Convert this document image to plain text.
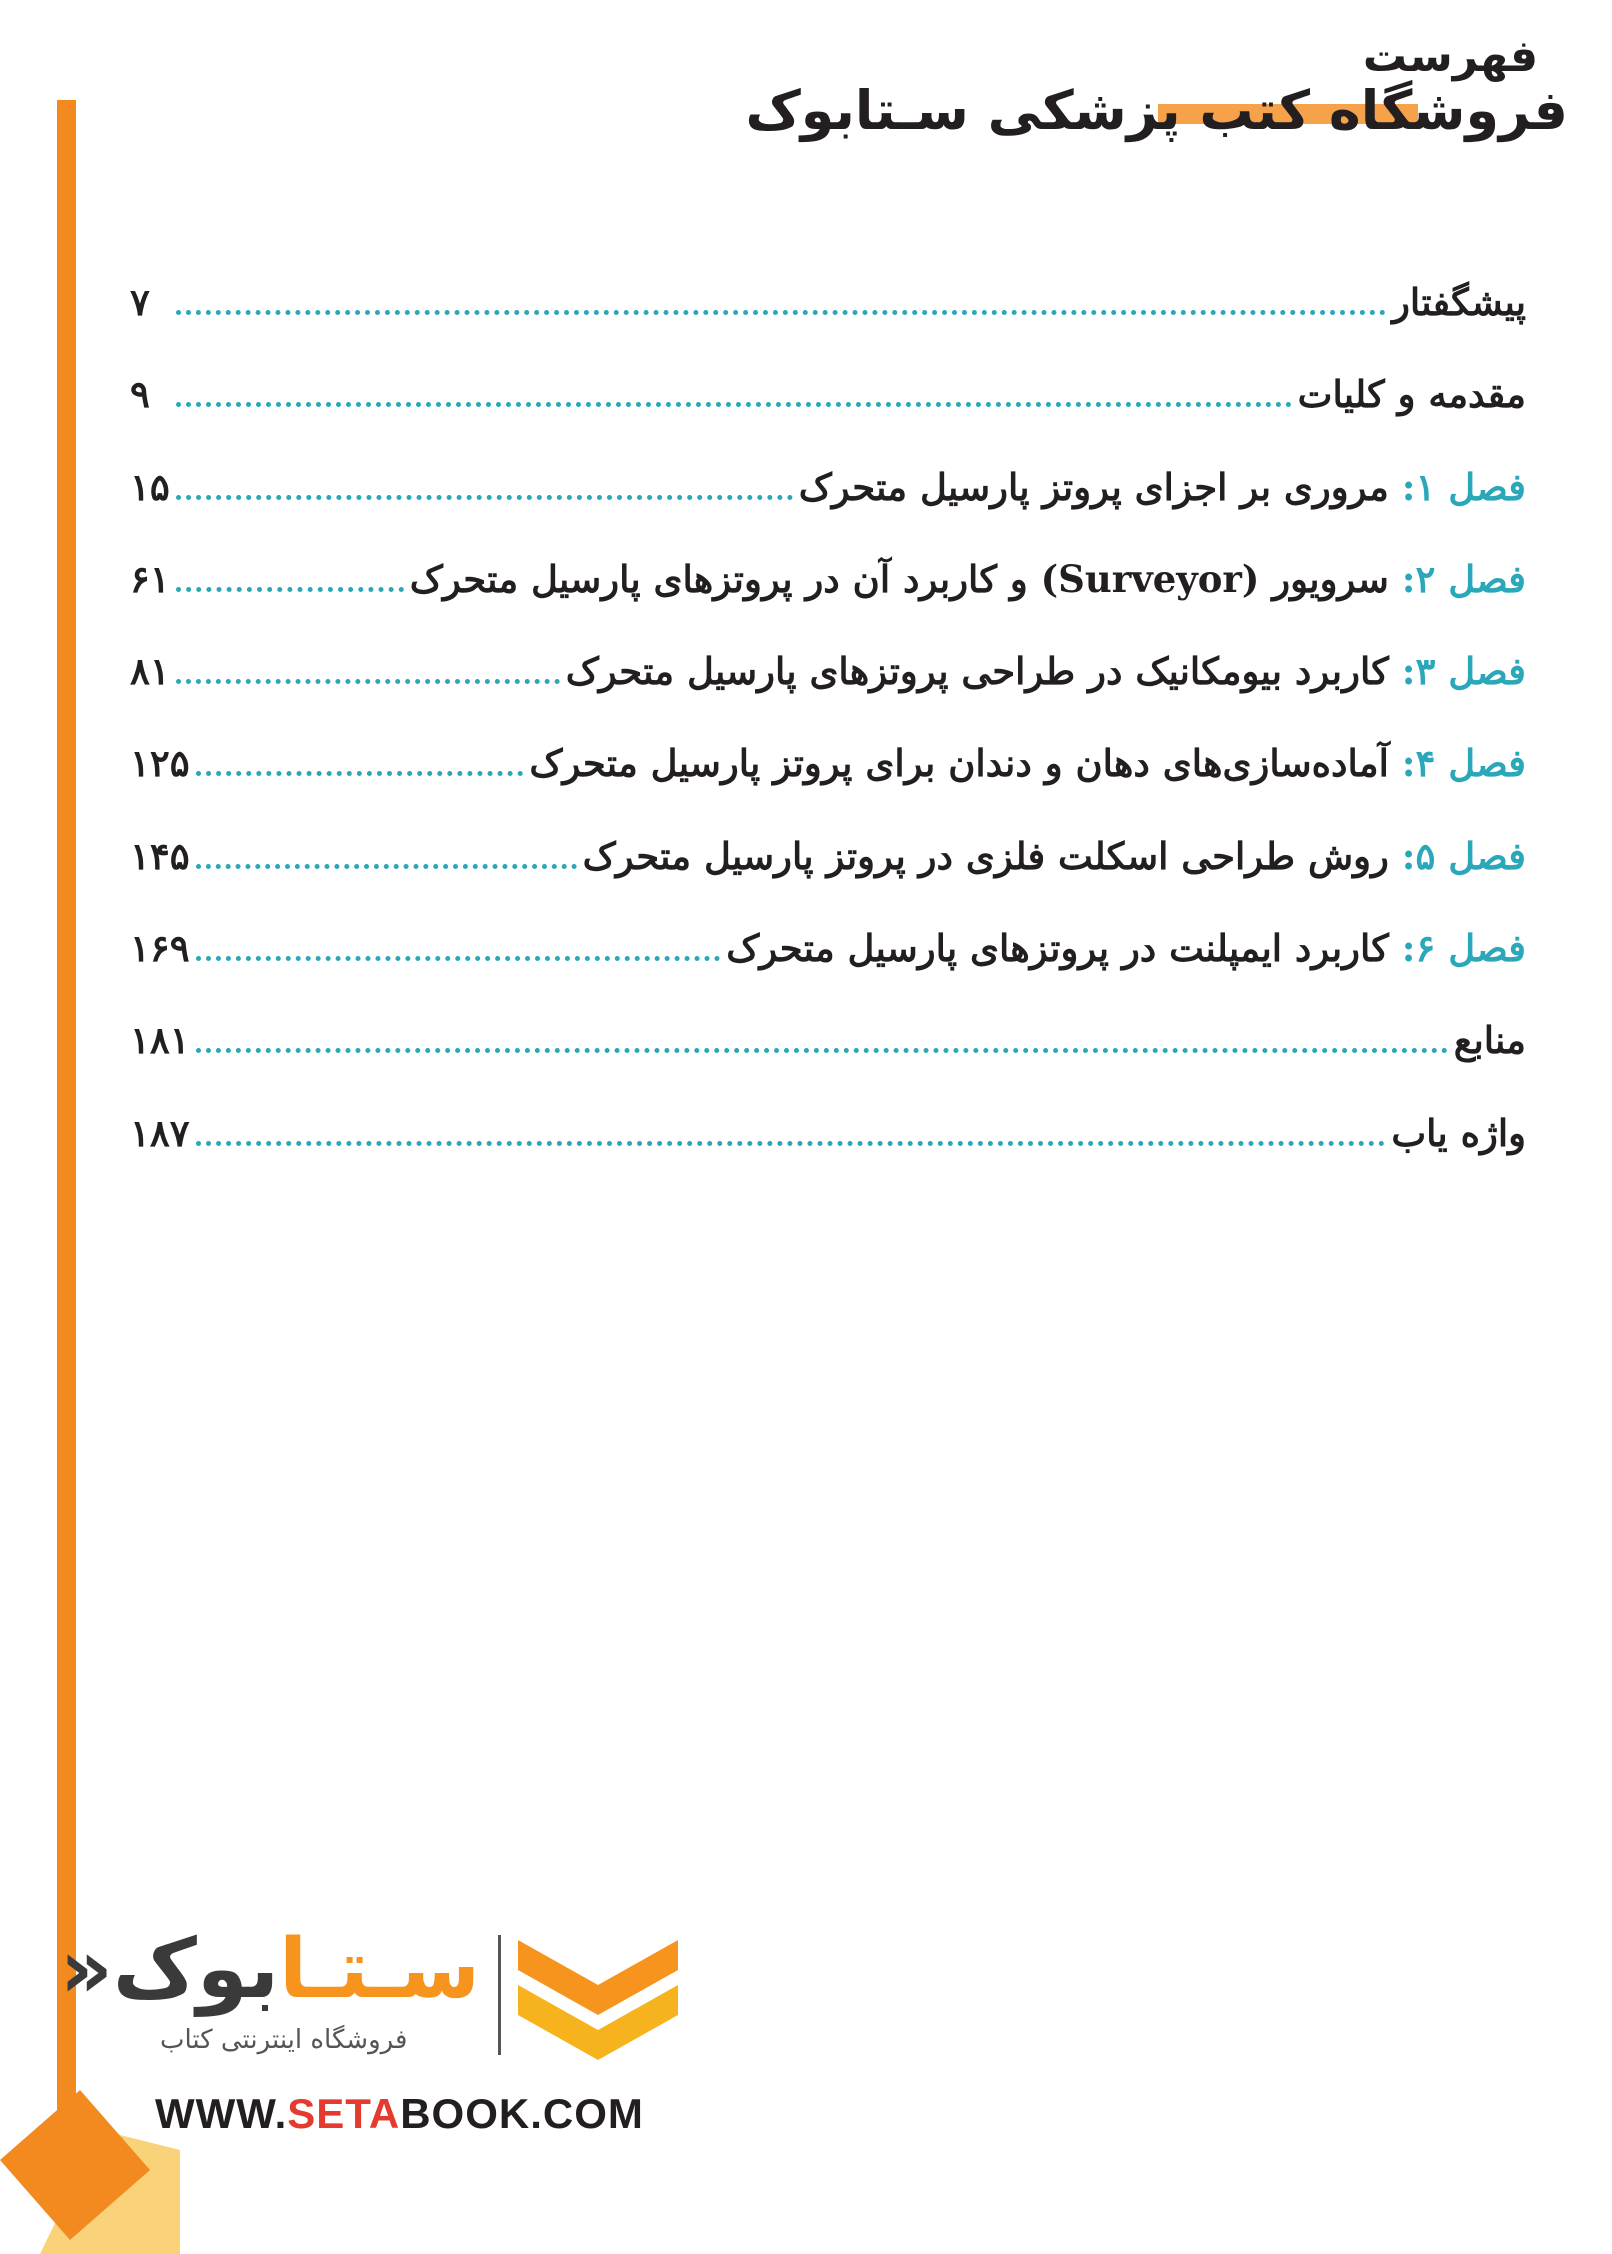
فهرست
فروشگاه کتب پزشکی سـتابوک
پیشگفتار
۷
مقدمه و کلیات
۹
فصل ۱: مروری بر اجزای پروتز پارسیل متحرک
۱۵
فصل ۲: سرویور (Surveyor) و کاربرد آن در پروتزهای پارسیل متحرک
۶۱
فصل ۳: کاربرد بیومکانیک در طراحی پروتزهای پارسیل متحرک
۸۱
فصل ۴: آماده‌سازی‌های دهان و دندان برای پروتز پارسیل متحرک
۱۲۵
فصل ۵: روش طراحی اسکلت فلزی در پروتز پارسیل متحرک
۱۴۵
فصل ۶: کاربرد ایمپلنت در پروتزهای پارسیل متحرک
۱۶۹
منابع
۱۸۱
واژه یاب
۱۸۷
سـتـابوک«
فروشگاه اینترنتی کتاب
WWW.SETABOOK.COM
